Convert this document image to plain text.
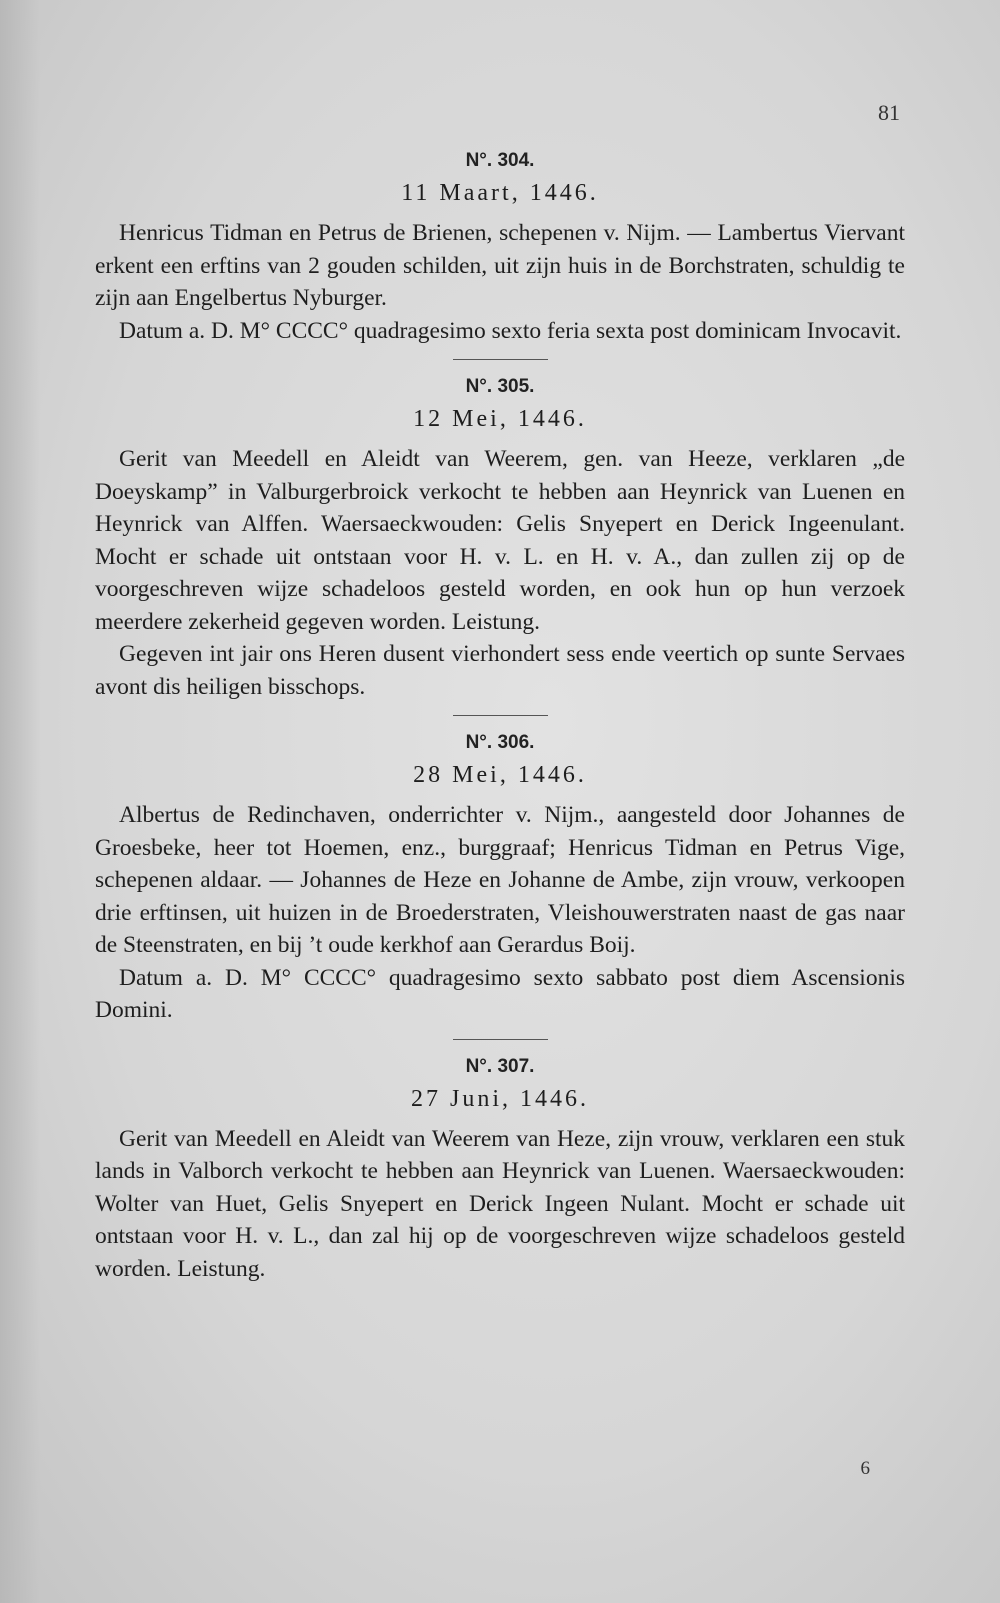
81
N°. 304.
11 Maart, 1446.

Henricus Tidman en Petrus de Brienen, schepenen v. Nijm. — Lambertus Viervant erkent een erftins van 2 gouden schilden, uit zijn huis in de Borchstraten, schuldig te zijn aan Engelbertus Nyburger.

Datum a. D. M° CCCC° quadragesimo sexto feria sexta post dominicam Invocavit.

N°. 305.
12 Mei, 1446.

Gerit van Meedell en Aleidt van Weerem, gen. van Heeze, verklaren „de Doeyskamp” in Valburgerbroick verkocht te hebben aan Heynrick van Luenen en Heynrick van Alffen. Waersaeckwouden: Gelis Snyepert en Derick Ingeenulant. Mocht er schade uit ontstaan voor H. v. L. en H. v. A., dan zullen zij op de voorgeschreven wijze schadeloos gesteld worden, en ook hun op hun verzoek meerdere zekerheid gegeven worden. Leistung.

Gegeven int jair ons Heren dusent vierhondert sess ende veertich op sunte Servaes avont dis heiligen bisschops.

N°. 306.
28 Mei, 1446.

Albertus de Redinchaven, onderrichter v. Nijm., aangesteld door Johannes de Groesbeke, heer tot Hoemen, enz., burggraaf; Henricus Tidman en Petrus Vige, schepenen aldaar. — Johannes de Heze en Johanne de Ambe, zijn vrouw, verkoopen drie erftinsen, uit huizen in de Broederstraten, Vleishouwerstraten naast de gas naar de Steenstraten, en bij ’t oude kerkhof aan Gerardus Boij.

Datum a. D. M° CCCC° quadragesimo sexto sabbato post diem Ascensionis Domini.

N°. 307.
27 Juni, 1446.

Gerit van Meedell en Aleidt van Weerem van Heze, zijn vrouw, verklaren een stuk lands in Valborch verkocht te hebben aan Heynrick van Luenen. Waersaeckwouden: Wolter van Huet, Gelis Snyepert en Derick Ingeen Nulant. Mocht er schade uit ontstaan voor H. v. L., dan zal hij op de voorgeschreven wijze schadeloos gesteld worden. Leistung.

6
